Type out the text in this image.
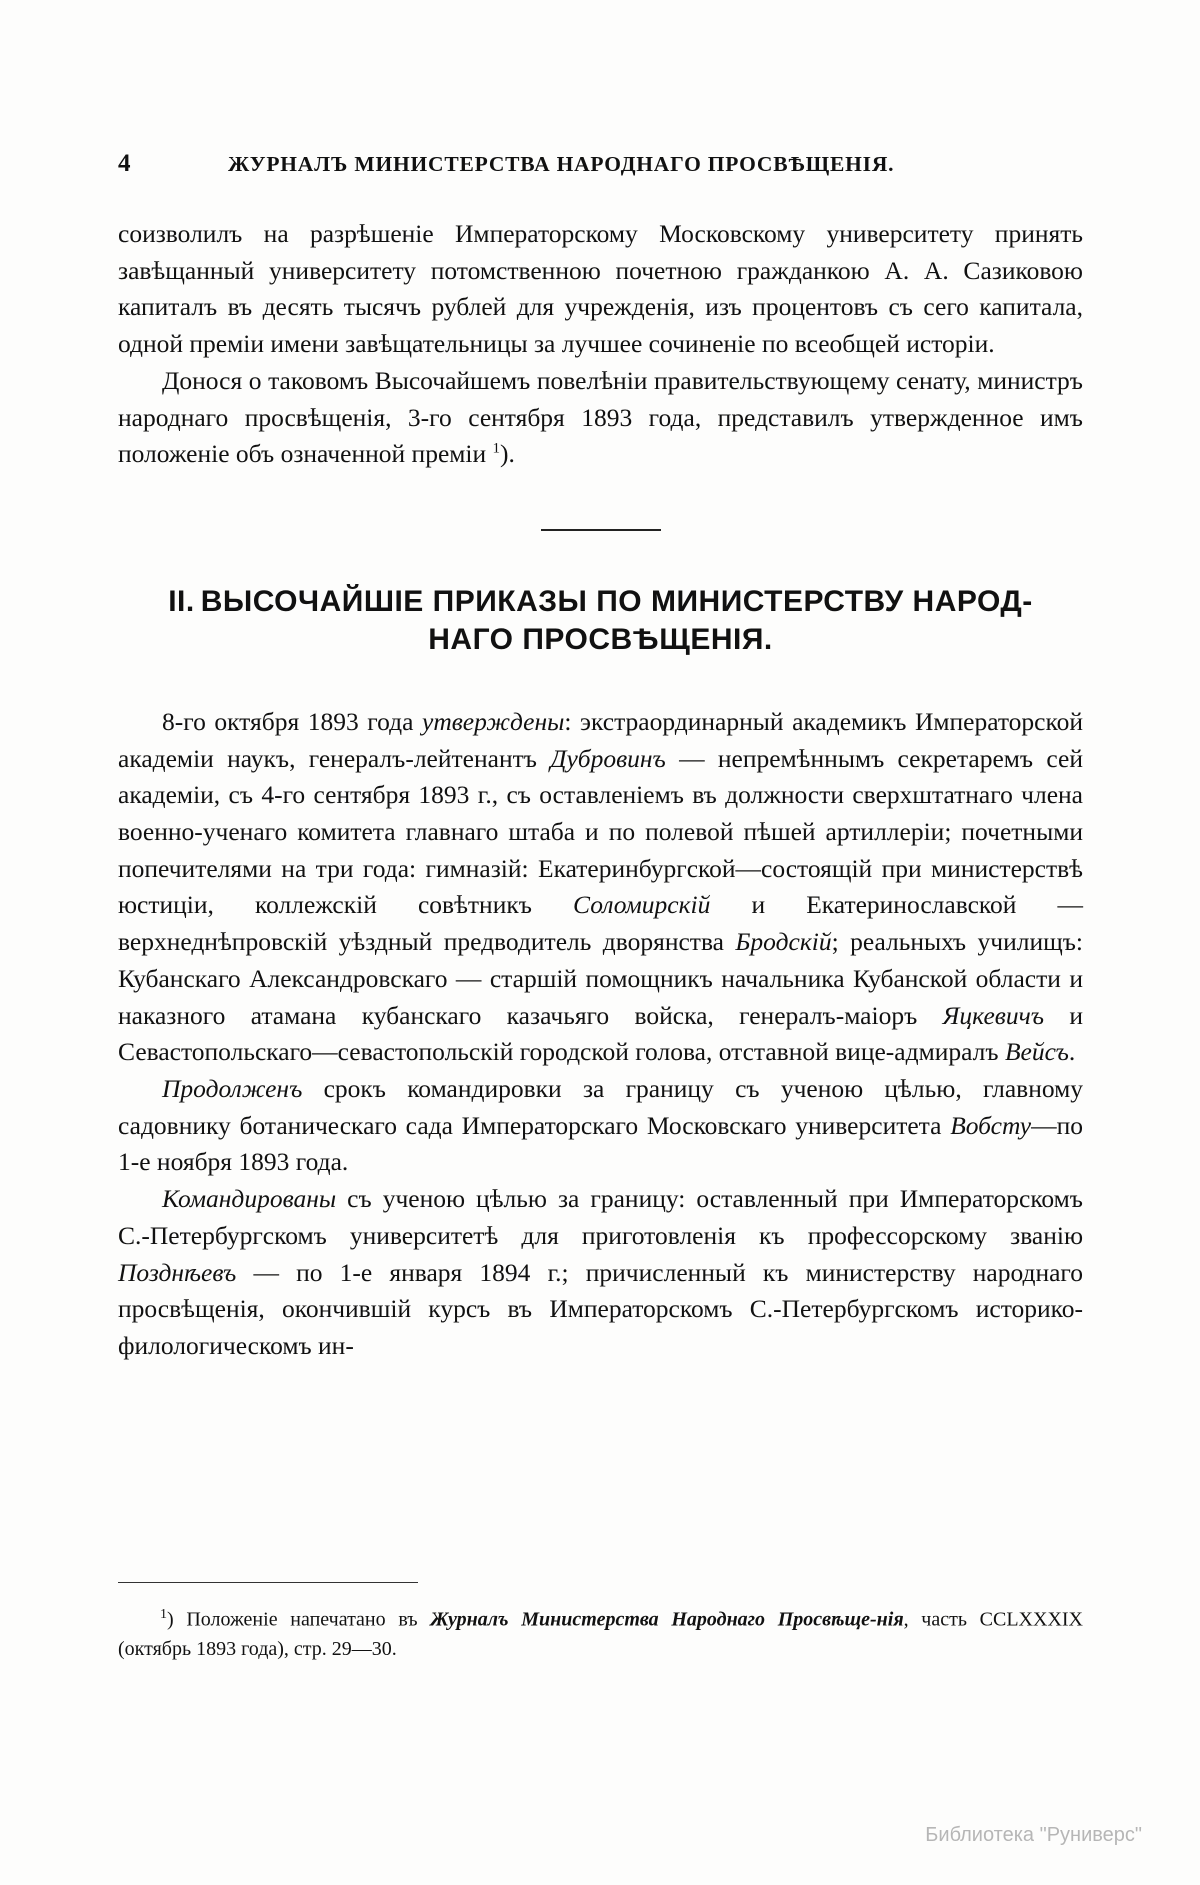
4	ЖУРНАЛЪ МИНИСТЕРСТВА НАРОДНАГО ПРОСВѢЩЕНІЯ.

соизволилъ на разрѣшеніе Императорскому Московскому университету принять завѣщанный университету потомственною почетною гражданкою А. А. Сазиковою капиталъ въ десять тысячъ рублей для учрежденія, изъ процентовъ съ сего капитала, одной преміи имени завѣщательницы за лучшее сочиненіе по всеобщей исторіи.

Донося о таковомъ Высочайшемъ повелѣніи правительствующему сенату, министръ народнаго просвѣщенія, 3-го сентября 1893 года, представилъ утвержденное имъ положеніе объ означенной преміи $^1$).

II. ВЫСОЧАЙШІЕ ПРИКАЗЫ ПО МИНИСТЕРСТВУ НАРОД-
НАГО ПРОСВѢЩЕНІЯ.

8-го октября 1893 года утверждены: экстраординарный академикъ Императорской академіи наукъ, генералъ-лейтенантъ Дубровинъ — непремѣннымъ секретаремъ сей академіи, съ 4-го сентября 1893 г., съ оставленіемъ въ должности сверхштатнаго члена военно-ученаго комитета главнаго штаба и по полевой пѣшей артиллеріи; почетными попечителями на три года: гимназій: Екатеринбургской—состоящій при министерствѣ юстиціи, коллежскій совѣтникъ Соломирскій и Екатеринославской — верхнеднѣпровскій уѣздный предводитель дворянства Бродскій; реальныхъ училищъ: Кубанскаго Александровскаго — старшій помощникъ начальника Кубанской области и наказного атамана кубанскаго казачьяго войска, генералъ-маіоръ Яцкевичъ и Севастопольскаго—севастопольскій городской голова, отставной вице-адмиралъ Вейсъ.

Продолженъ срокъ командировки за границу съ ученою цѣлью, главному садовнику ботаническаго сада Императорскаго Московскаго университета Вобсту—по 1-е ноября 1893 года.

Командированы съ ученою цѣлью за границу: оставленный при Императорскомъ С.-Петербургскомъ университетѣ для приготовленія къ профессорскому званію Позднѣевъ — по 1-е января 1894 г.; причисленный къ министерству народнаго просвѣщенія, окончившій курсъ въ Императорскомъ С.-Петербургскомъ историко-филологическомъ ин-

$^1$) Положеніе напечатано въ Журналъ Министерства Народнаго Просвѣще-нія, часть CCLXXXIX (октябрь 1893 года), стр. 29—30.
Библиотека "Руниверс"
